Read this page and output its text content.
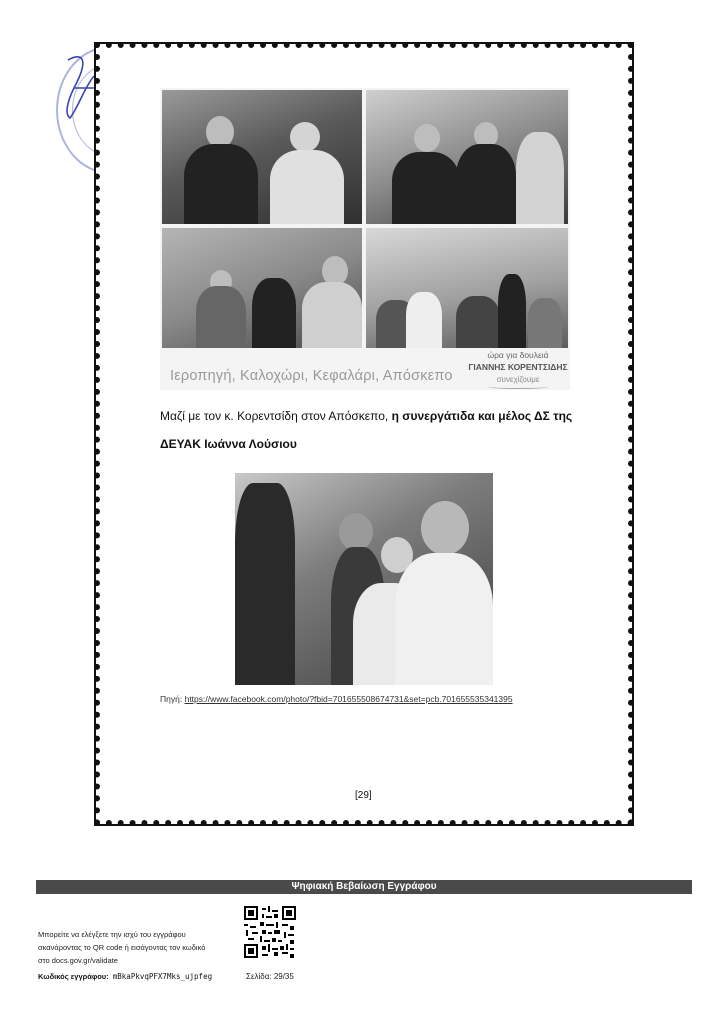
Ιεροπηγή, Καλοχώρι, Κεφαλάρι, Απόσκεπο
ώρα για δουλειά
ΓΙΑΝΝΗΣ ΚΟΡΕΝΤΣΙΔΗΣ
συνεχίζουμε
Μαζί με τον κ. Κορεντσίδη στον Απόσκεπο, η συνεργάτιδα και μέλος ΔΣ της ΔΕΥΑΚ Ιωάννα Λούσιου
Πηγή: https://www.facebook.com/photo/?fbid=701655508674731&set=pcb.701655535341395
[29]
Ψηφιακή Βεβαίωση Εγγράφου
Μπορείτε να ελέγξετε την ισχύ του εγγράφου
σκανάροντας το QR code ή εισάγοντας τον κωδικό
στο docs.gov.gr/validate
Κωδικός εγγράφου: mBkaPkvqPFX7Mks_ujpfeg	Σελίδα: 29/35
